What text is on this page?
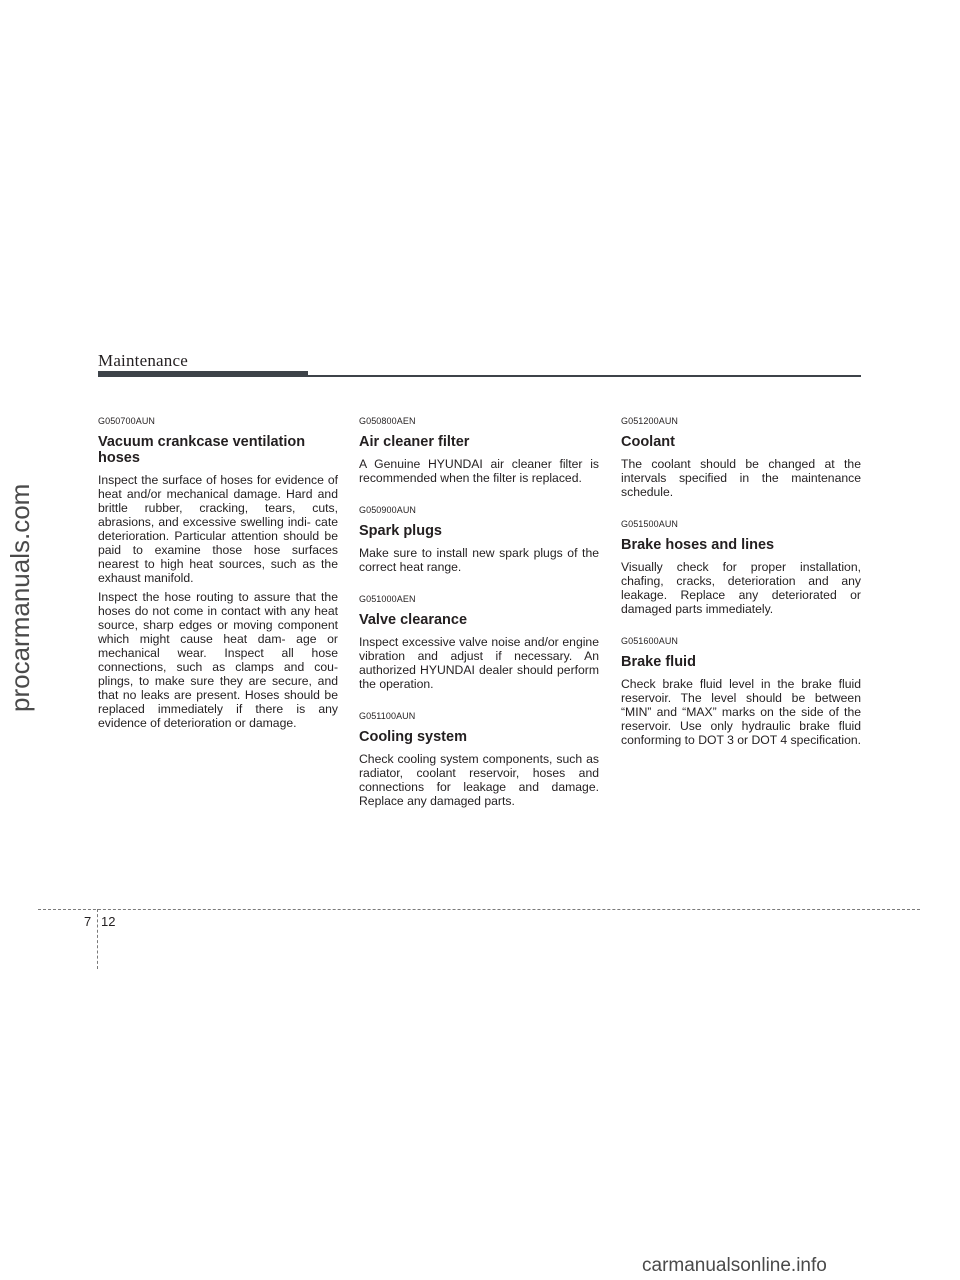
Maintenance
G050700AUN
Vacuum crankcase ventilation hoses

Inspect the surface of hoses for evidence of heat and/or mechanical damage. Hard and brittle rubber, cracking, tears, cuts, abrasions, and excessive swelling indi- cate deterioration. Particular attention should be paid to examine those hose surfaces nearest to high heat sources, such as the exhaust manifold.

Inspect the hose routing to assure that the hoses do not come in contact with any heat source, sharp edges or moving component which might cause heat dam- age or mechanical wear. Inspect all hose connections, such as clamps and cou- plings, to make sure they are secure, and that no leaks are present. Hoses should be replaced immediately if there is any evidence of deterioration or damage.

G050800AEN
Air cleaner filter

A Genuine HYUNDAI air cleaner filter is recommended when the filter is replaced.

G050900AUN
Spark plugs

Make sure to install new spark plugs of the correct heat range.

G051000AEN
Valve clearance

Inspect excessive valve noise and/or engine vibration and adjust if necessary. An authorized HYUNDAI dealer should perform the operation.

G051100AUN
Cooling system

Check cooling system components, such as radiator, coolant reservoir, hoses and connections for leakage and damage. Replace any damaged parts.

G051200AUN
Coolant

The coolant should be changed at the intervals specified in the maintenance schedule.

G051500AUN
Brake hoses and lines

Visually check for proper installation, chafing, cracks, deterioration and any leakage. Replace any deteriorated or damaged parts immediately.

G051600AUN
Brake fluid

Check brake fluid level in the brake fluid reservoir. The level should be between “MIN” and “MAX” marks on the side of the reservoir. Use only hydraulic brake fluid conforming to DOT 3 or DOT 4 specification.

7 12
procarmanuals.com
carmanualsonline.info
